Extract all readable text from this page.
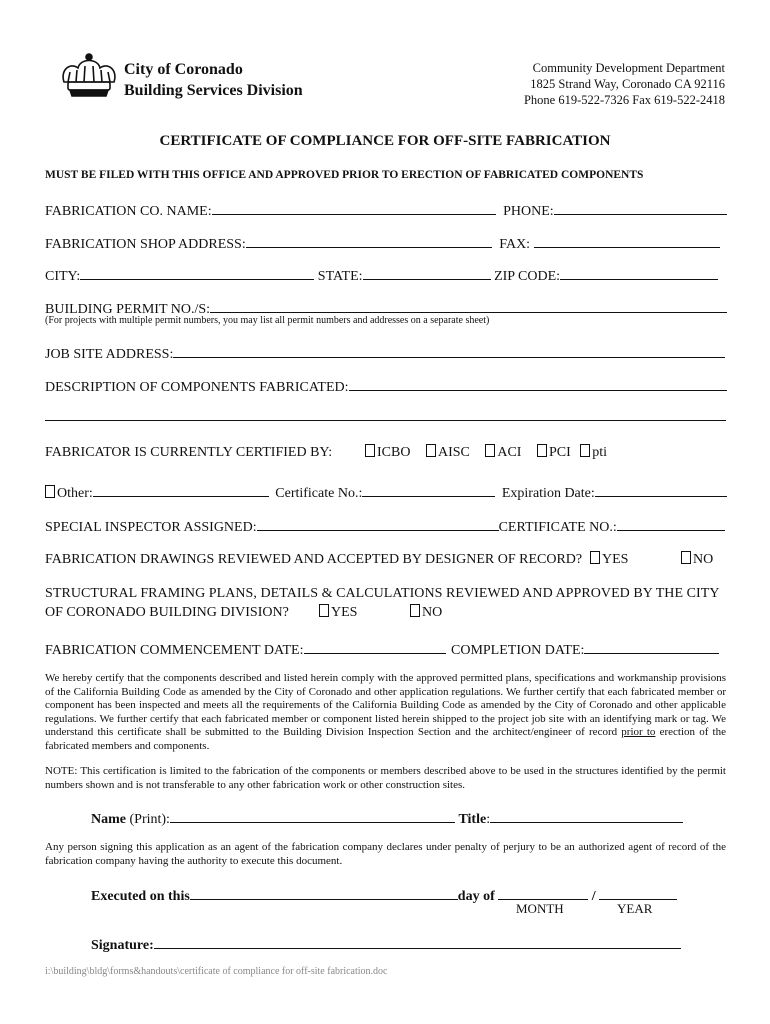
City of Coronado
Building Services Division
Community Development Department
1825 Strand Way, Coronado CA 92116
Phone 619-522-7326 Fax 619-522-2418
CERTIFICATE OF COMPLIANCE FOR OFF-SITE FABRICATION
MUST BE FILED WITH THIS OFFICE AND APPROVED PRIOR TO ERECTION OF FABRICATED COMPONENTS
FABRICATION CO. NAME:	PHONE:
FABRICATION SHOP ADDRESS:	FAX:
CITY:	STATE:	ZIP CODE:
BUILDING PERMIT NO./S:
(For projects with multiple permit numbers, you may list all permit numbers and addresses on a separate sheet)
JOB SITE ADDRESS:
DESCRIPTION OF COMPONENTS FABRICATED:
FABRICATOR IS CURRENTLY CERTIFIED BY:	ICBO AISC ACI PCI pti
Other:	Certificate No.:	Expiration Date:
SPECIAL INSPECTOR ASSIGNED:	CERTIFICATE NO.:
FABRICATION DRAWINGS REVIEWED AND ACCEPTED BY DESIGNER OF RECORD?	YES	NO
STRUCTURAL FRAMING PLANS, DETAILS & CALCULATIONS REVIEWED AND APPROVED BY THE CITY
OF CORONADO BUILDING DIVISION?	YES	NO
FABRICATION COMMENCEMENT DATE:	COMPLETION DATE:
We hereby certify that the components described and listed herein comply with the approved permitted plans, specifications and workmanship provisions of the California Building Code as amended by the City of Coronado and other application regulations. We further certify that each fabricated member or component has been inspected and meets all the requirements of the California Building Code as amended by the City of Coronado and other applicable regulations. We further certify that each fabricated member or component listed herein shipped to the project job site with an identifying mark or tag. We understand this certificate shall be submitted to the Building Division Inspection Section and the architect/engineer of record prior to erection of the fabricated members and components.
NOTE: This certification is limited to the fabrication of the components or members described above to be used in the structures identified by the permit numbers shown and is not transferable to any other fabrication work or other construction sites.
Name (Print):	Title:
Any person signing this application as an agent of the fabrication company declares under penalty of perjury to be an authorized agent of record of the fabrication company having the authority to execute this document.
Executed on this	day of	/
MONTH	YEAR
Signature:
i:\building\bldg\forms&handouts\certificate of compliance for off-site fabrication.doc
